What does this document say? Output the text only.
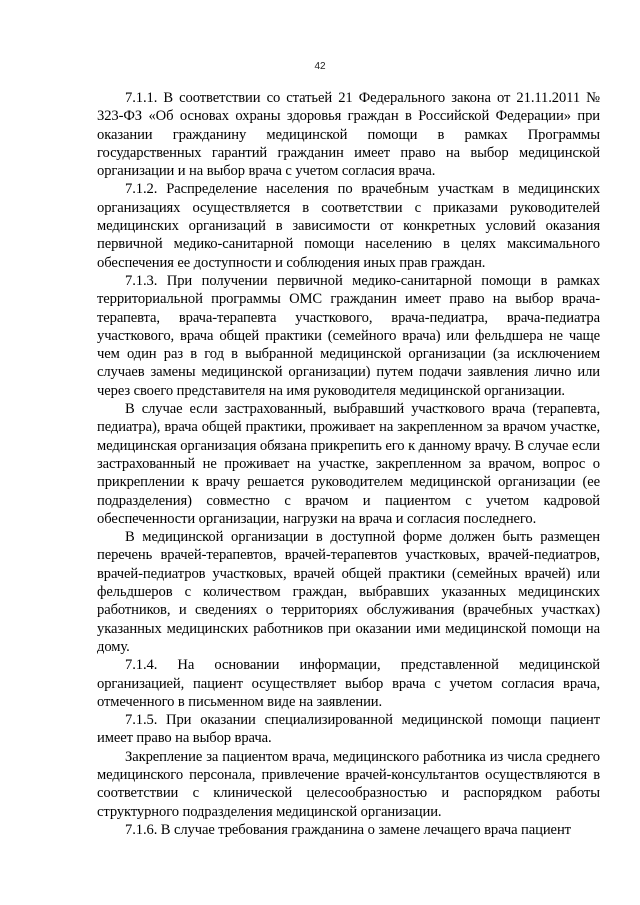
42

7.1.1. В соответствии со статьей 21 Федерального закона от 21.11.2011 № 323-ФЗ «Об основах охраны здоровья граждан в Российской Федерации» при оказании гражданину медицинской помощи в рамках Программы государственных гарантий гражданин имеет право на выбор медицинской организации и на выбор врача с учетом согласия врача.

7.1.2. Распределение населения по врачебным участкам в медицинских организациях осуществляется в соответствии с приказами руководителей медицинских организаций в зависимости от конкретных условий оказания первичной медико-санитарной помощи населению в целях максимального обеспечения ее доступности и соблюдения иных прав граждан.

7.1.3. При получении первичной медико-санитарной помощи в рамках территориальной программы ОМС гражданин имеет право на выбор врача-терапевта, врача-терапевта участкового, врача-педиатра, врача-педиатра участкового, врача общей практики (семейного врача) или фельдшера не чаще чем один раз в год в выбранной медицинской организации (за исключением случаев замены медицинской организации) путем подачи заявления лично или через своего представителя на имя руководителя медицинской организации.

В случае если застрахованный, выбравший участкового врача (терапевта, педиатра), врача общей практики, проживает на закрепленном за врачом участке, медицинская организация обязана прикрепить его к данному врачу. В случае если застрахованный не проживает на участке, закрепленном за врачом, вопрос о прикреплении к врачу решается руководителем медицинской организации (ее подразделения) совместно с врачом и пациентом с учетом кадровой обеспеченности организации, нагрузки на врача и согласия последнего.

В медицинской организации в доступной форме должен быть размещен перечень врачей-терапевтов, врачей-терапевтов участковых, врачей-педиатров, врачей-педиатров участковых, врачей общей практики (семейных врачей) или фельдшеров с количеством граждан, выбравших указанных медицинских работников, и сведениях о территориях обслуживания (врачебных участках) указанных медицинских работников при оказании ими медицинской помощи на дому.

7.1.4. На основании информации, представленной медицинской организацией, пациент осуществляет выбор врача с учетом согласия врача, отмеченного в письменном виде на заявлении.

7.1.5. При оказании специализированной медицинской помощи пациент имеет право на выбор врача.

Закрепление за пациентом врача, медицинского работника из числа среднего медицинского персонала, привлечение врачей-консультантов осуществляются в соответствии с клинической целесообразностью и распорядком работы структурного подразделения медицинской организации.

7.1.6. В случае требования гражданина о замене лечащего врача пациент
